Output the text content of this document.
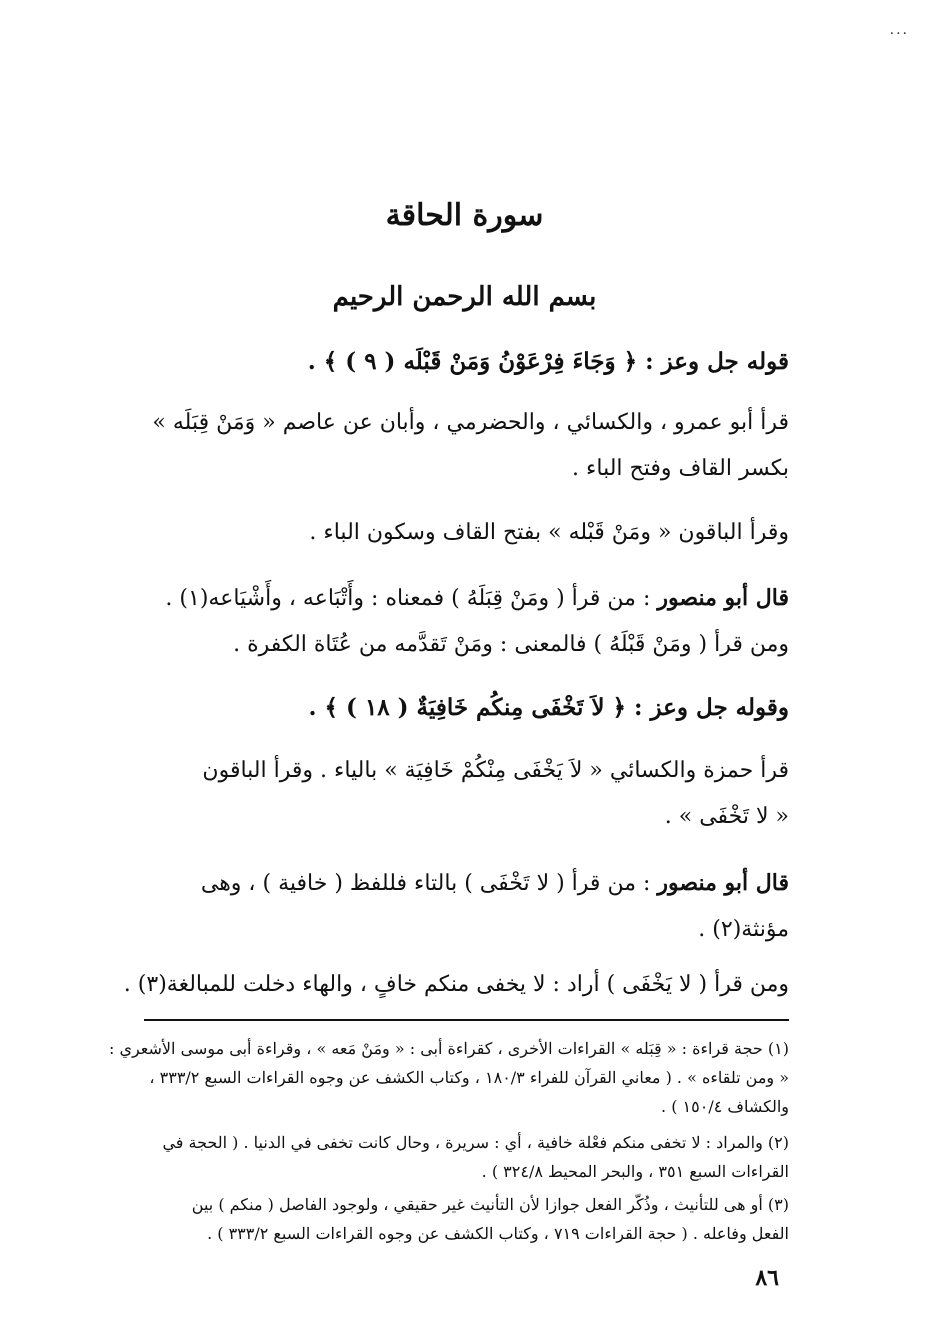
...
سورة الحاقة
بسم الله الرحمن الرحيم
قوله جل وعز : ﴿ وَجَاءَ فِرْعَوْنُ وَمَنْ قَبْلَه ( ٩ ) ﴾ .
قرأ أبو عمرو ، والكسائي ، والحضرمي ، وأبان عن عاصم « وَمَنْ قِبَلَه »
بكسر القاف وفتح الباء .
وقرأ الباقون « ومَنْ قَبْله » بفتح القاف وسكون الباء .
قال أبو منصور : من قرأ ( ومَنْ قِبَلَهُ ) فمعناه : وأَتْبَاعه ، وأَشْيَاعه(١) .
ومن قرأ ( ومَنْ قَبْلَهُ ) فالمعنى : ومَنْ تَقدَّمه من عُتَاة الكفرة .
وقوله جل وعز : ﴿ لاَ تَخْفَى مِنكُم خَافِيَةٌ ( ١٨ ) ﴾ .
قرأ حمزة والكسائي « لاَ يَخْفَى مِنْكُمْ خَافِيَة » بالياء . وقرأ الباقون
« لا تَخْفَى » .
قال أبو منصور : من قرأ ( لا تَخْفَى ) بالتاء فللفظ ( خافية ) ، وهى
مؤنثة(٢) .
ومن قرأ ( لا يَخْفَى ) أراد : لا يخفى منكم خافٍ ، والهاء دخلت للمبالغة(٣) .
(١) حجة قراءة : « قِبَله » القراءات الأخرى ، كقراءة أبى : « ومَنْ مَعه » ، وقراءة أبى موسى الأشعري :
« ومن تلقاءه » . ( معاني القرآن للفراء ١٨٠/٣ ، وكتاب الكشف عن وجوه القراءات السبع ٣٣٣/٢ ،
والكشاف ١٥٠/٤ ) .
(٢) والمراد : لا تخفى منكم فعْلة خافية ، أي : سريرة ، وحال كانت تخفى في الدنيا . ( الحجة في
القراءات السبع ٣٥١ ، والبحر المحيط ٣٢٤/٨ ) .
(٣) أو هى للتأنيث ، وذُكّر الفعل جوازا لأن التأنيث غير حقيقي ، ولوجود الفاصل ( منكم ) بين
الفعل وفاعله . ( حجة القراءات ٧١٩ ، وكتاب الكشف عن وجوه القراءات السبع ٣٣٣/٢ ) .
٨٦
